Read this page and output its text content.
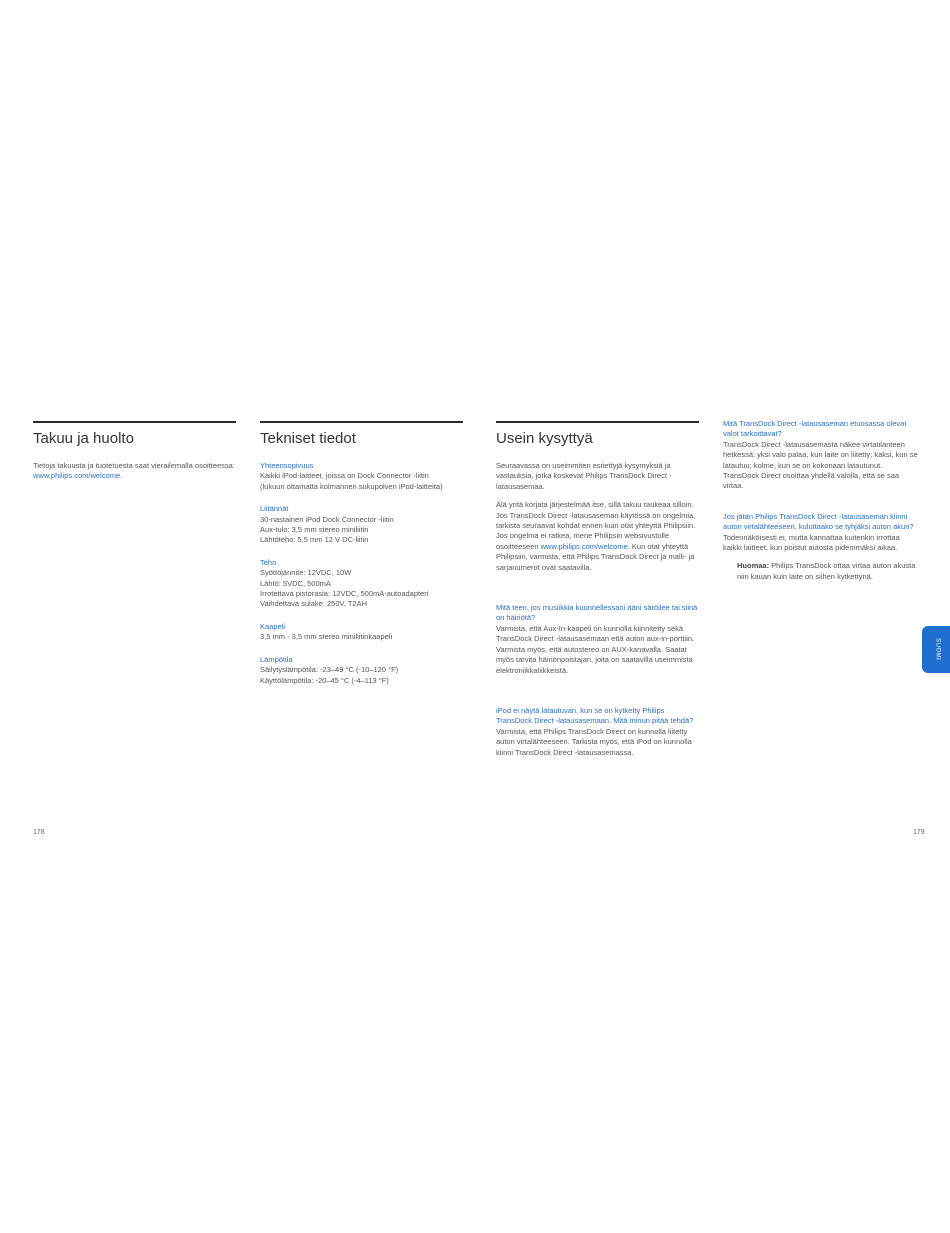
Takuu ja huolto

Tietoja takuusta ja tuotetuesta saat vierailemalla osoitteessa: www.philips.com/welcome.

Tekniset tiedot

Yhteensopivuus

Kaikki iPod-laitteet, joissa on Dock Connector -liitin

(lukuun ottamatta kolmannen sukupolven iPod-laitteita)

Liitännät

30-nastainen iPod Dock Connector -liitin

Aux-tulo: 3,5 mm stereo miniliitin

Lähtöteho: 5,5 mm 12 V DC-liitin

Teho

Syöttöjännite: 12VDC, 10W

Lähtö: 5VDC, 500mA

Irrotettava pistorasia: 12VDC, 500mA-autoadapteri

Vaihdettava sulake: 250V, T2AH

Kaapeli

3,5 mm - 3,5 mm stereo miniliitinkaapeli

Lämpötila

Säilytyslämpötila: -23–49 °C (-10–120 °F)

Käyttölämpötila: -20–45 °C (-4–113 °F)

Usein kysyttyä

Seuraavassa on useimmiten esitettyjä kysymyksiä ja vastauksia, jotka koskevat Philips TransDock Direct -latausasemaa.

Älä yritä korjata järjestelmää itse, sillä takuu raukeaa silloin. Jos TransDock Direct -latausaseman käytössä on ongelmia, tarkista seuraavat kohdat ennen kuin otat yhteyttä Philipsiin. Jos ongelma ei ratkea, mene Philipsin websivustolle osoitteeseen www.philips.com/welcome. Kun otat yhteyttä Philipsiin, varmista, että Philips TransDock Direct ja malli- ja sarjanumerot ovat saatavilla.

Mitä teen, jos musiikkia kuunnellessani ääni säröilee tai siinä on häiriötä?

Varmista, että Aux-In-kaapeli on kunnolla kiinnitetty sekä TransDock Direct -latausasemaan että auton aux-in-porttiin. Varmista myös, että autostereo on AUX-kanavalla. Saatat myös tarvita häiriönpoistajan, joita on saatavilla useimmista elektroniikkaliikkeistä.

iPod ei näytä latautuvan, kun se on kytketty Philips TransDock Direct -latausasemaan. Mitä minun pitää tehdä?

Varmista, että Philips TransDock Direct on kunnolla liitetty auton virtalähteeseen. Tarkista myös, että iPod on kunnolla kiinni TransDock Direct -latausasemassa.

Mitä TransDock Direct -latausaseman etuosassa olevat valot tarkoittavat?

TransDock Direct -latausasemasta näkee virtatilanteen hetkessä: yksi valo palaa, kun laite on liitetty; kaksi, kun se latautuu; kolme, kun se on kokonaan latautunut. TransDock Direct osoittaa yhdellä valolla, että se saa virtaa.

Jos jätän Philips TransDock Direct -latausaseman kiinni auton virtalähteeseen, kuluttaako se tyhjäksi auton akun?

Todennäköisesti ei, mutta kannattaa kuitenkin irrottaa kaikki laitteet, kun poistut autosta pidemmäksi aikaa.

Huomaa: Philips TransDock ottaa virtaa auton akusta niin kauan kuin laite on siihen kytkettynä.

178	179
SUOMI
